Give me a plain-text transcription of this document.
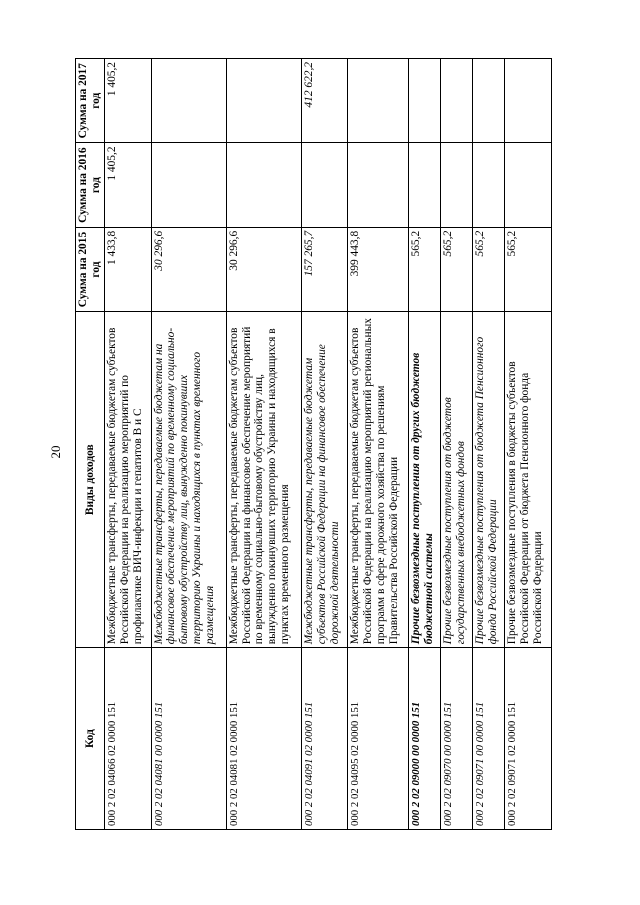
20
Код	Виды доходов	Сумма на 2015 год	Сумма на 2016 год	Сумма на 2017 год
000 2 02 04066 02 0000 151	Межбюджетные трансферты, передаваемые бюджетам субъектов Российской Федерации на реализацию мероприятий по профилактике ВИЧ-инфекции и гепатитов В и С	1 433,8	1 405,2	1 405,2
000 2 02 04081 00 0000 151	Межбюджетные трансферты, передаваемые бюджетам на финансовое обеспечение мероприятий по временному социально-бытовому обустройству лиц, вынужденно покинувших территорию Украины и находящихся в пунктах временного размещения	30 296,6		
000 2 02 04081 02 0000 151	Межбюджетные трансферты, передаваемые бюджетам субъектов Российской Федерации на финансовое обеспечение мероприятий по временному социально-бытовому обустройству лиц, вынужденно покинувших территорию Украины и находящихся в пунктах временного размещения	30 296,6		
000 2 02 04091 02 0000 151	Межбюджетные трансферты, передаваемые бюджетам субъектов Российской Федерации на финансовое обеспечение дорожной деятельности	157 265,7		412 622,2
000 2 02 04095 02 0000 151	Межбюджетные трансферты, передаваемые бюджетам субъектов Российской Федерации на реализацию мероприятий региональных программ в сфере дорожного хозяйства по решениям Правительства Российской Федерации	399 443,8		
000 2 02 09000 00 0000 151	Прочие безвозмездные поступления от других бюджетов бюджетной системы	565,2		
000 2 02 09070 00 0000 151	Прочие безвозмездные поступления от бюджетов государственных внебюджетных фондов	565,2		
000 2 02 09071 00 0000 151	Прочие безвозмездные поступления от бюджета Пенсионного фонда Российской Федерации	565,2		
000 2 02 09071 02 0000 151	Прочие безвозмездные поступления в бюджеты субъектов Российской Федерации от бюджета Пенсионного фонда Российской Федерации	565,2		
